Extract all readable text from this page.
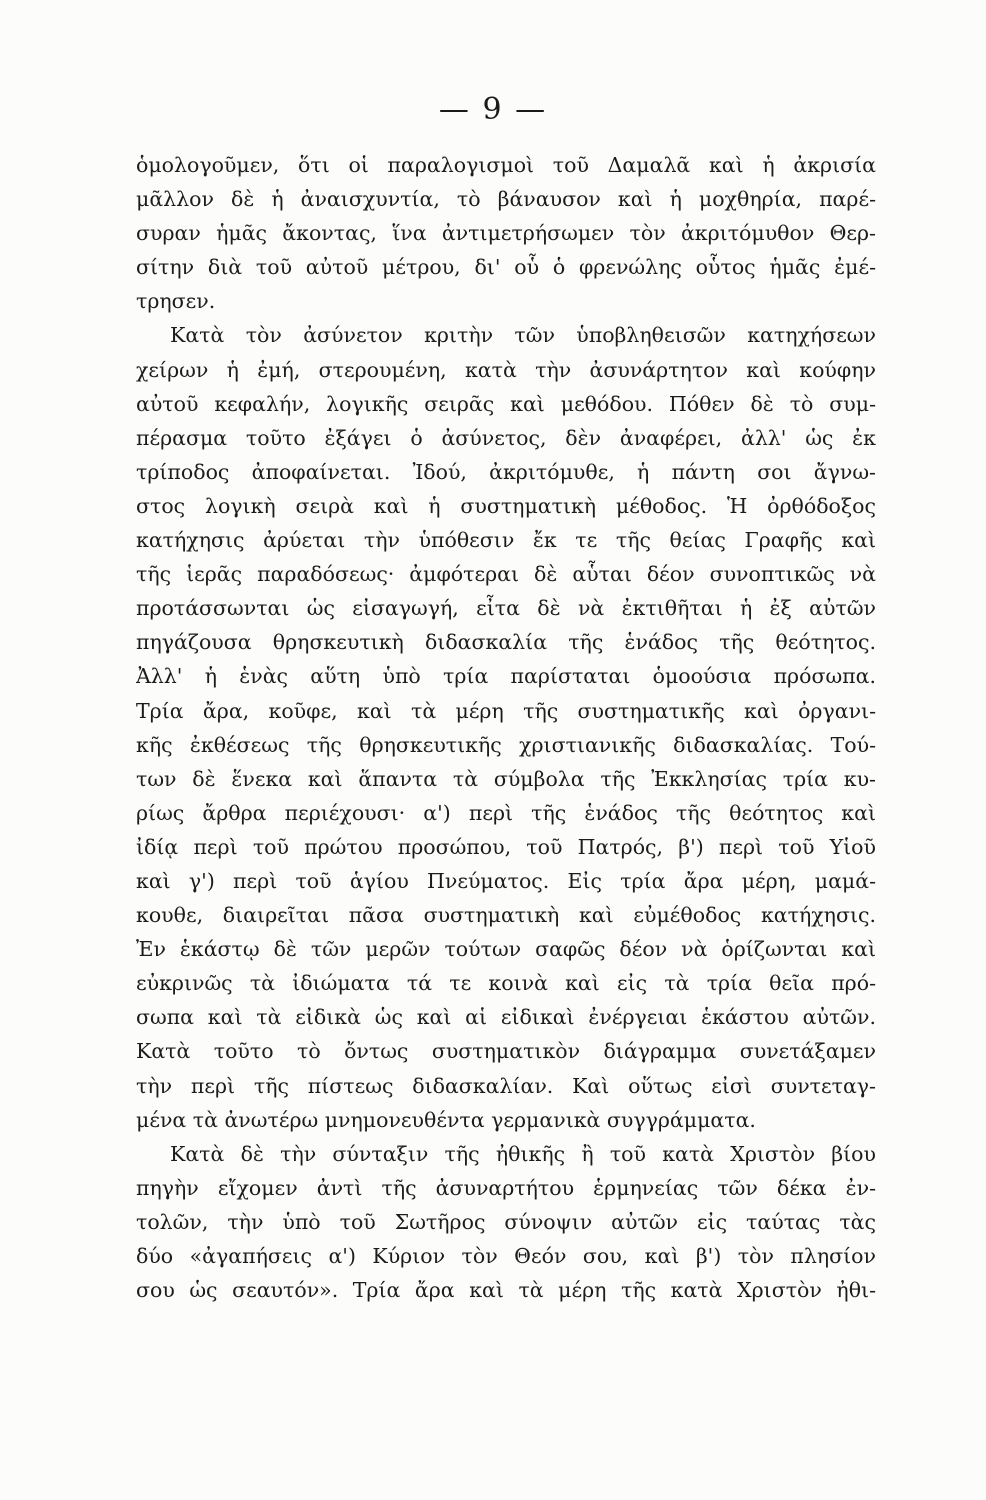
— 9 —
ὁμολογοῦμεν, ὅτι οἱ παραλογισμοὶ τοῦ Δαμαλᾶ καὶ ἡ ἀκρισία
μᾶλλον δὲ ἡ ἀναισχυντία, τὸ βάναυσον καὶ ἡ μοχθηρία, παρέ-
συραν ἡμᾶς ἄκοντας, ἵνα ἀντιμετρήσωμεν τὸν ἀκριτόμυθον Θερ-
σίτην διὰ τοῦ αὐτοῦ μέτρου, δι' οὗ ὁ φρενώλης οὗτος ἡμᾶς ἐμέ-
τρησεν.
Κατὰ τὸν ἀσύνετον κριτὴν τῶν ὑποβληθεισῶν κατηχήσεων
χείρων ἡ ἐμή, στερουμένη, κατὰ τὴν ἀσυνάρτητον καὶ κούφην
αὐτοῦ κεφαλήν, λογικῆς σειρᾶς καὶ μεθόδου. Πόθεν δὲ τὸ συμ-
πέρασμα τοῦτο ἐξάγει ὁ ἀσύνετος, δὲν ἀναφέρει, ἀλλ' ὡς ἐκ
τρίποδος ἀποφαίνεται. Ἰδού, ἀκριτόμυθε, ἡ πάντη σοι ἄγνω-
στος λογικὴ σειρὰ καὶ ἡ συστηματικὴ μέθοδος. Ἡ ὀρθόδοξος
κατήχησις ἀρύεται τὴν ὑπόθεσιν ἔκ τε τῆς θείας Γραφῆς καὶ
τῆς ἱερᾶς παραδόσεως· ἀμφότεραι δὲ αὗται δέον συνοπτικῶς νὰ
προτάσσωνται ὡς εἰσαγωγή, εἶτα δὲ νὰ ἐκτιθῆται ἡ ἐξ αὐτῶν
πηγάζουσα θρησκευτικὴ διδασκαλία τῆς ἑνάδος τῆς θεότητος.
Ἀλλ' ἡ ἑνὰς αὕτη ὑπὸ τρία παρίσταται ὁμοούσια πρόσωπα.
Τρία ἄρα, κοῦφε, καὶ τὰ μέρη τῆς συστηματικῆς καὶ ὀργανι-
κῆς ἐκθέσεως τῆς θρησκευτικῆς χριστιανικῆς διδασκαλίας. Τού-
των δὲ ἕνεκα καὶ ἅπαντα τὰ σύμβολα τῆς Ἐκκλησίας τρία κυ-
ρίως ἄρθρα περιέχουσι· α') περὶ τῆς ἑνάδος τῆς θεότητος καὶ
ἰδίᾳ περὶ τοῦ πρώτου προσώπου, τοῦ Πατρός, β') περὶ τοῦ Υἱοῦ
καὶ γ') περὶ τοῦ ἁγίου Πνεύματος. Εἰς τρία ἄρα μέρη, μαμά-
κουθε, διαιρεῖται πᾶσα συστηματικὴ καὶ εὐμέθοδος κατήχησις.
Ἐν ἑκάστῳ δὲ τῶν μερῶν τούτων σαφῶς δέον νὰ ὁρίζωνται καὶ
εὐκρινῶς τὰ ἰδιώματα τά τε κοινὰ καὶ εἰς τὰ τρία θεῖα πρό-
σωπα καὶ τὰ εἰδικὰ ὡς καὶ αἱ εἰδικαὶ ἐνέργειαι ἑκάστου αὐτῶν.
Κατὰ τοῦτο τὸ ὄντως συστηματικὸν διάγραμμα συνετάξαμεν
τὴν περὶ τῆς πίστεως διδασκαλίαν. Καὶ οὕτως εἰσὶ συντεταγ-
μένα τὰ ἀνωτέρω μνημονευθέντα γερμανικὰ συγγράμματα.
Κατὰ δὲ τὴν σύνταξιν τῆς ἠθικῆς ἢ τοῦ κατὰ Χριστὸν βίου
πηγὴν εἴχομεν ἀντὶ τῆς ἀσυναρτήτου ἑρμηνείας τῶν δέκα ἐν-
τολῶν, τὴν ὑπὸ τοῦ Σωτῆρος σύνοψιν αὐτῶν εἰς ταύτας τὰς
δύο «ἀγαπήσεις α') Κύριον τὸν Θεόν σου, καὶ β') τὸν πλησίον
σου ὡς σεαυτόν». Τρία ἄρα καὶ τὰ μέρη τῆς κατὰ Χριστὸν ἠθι-
